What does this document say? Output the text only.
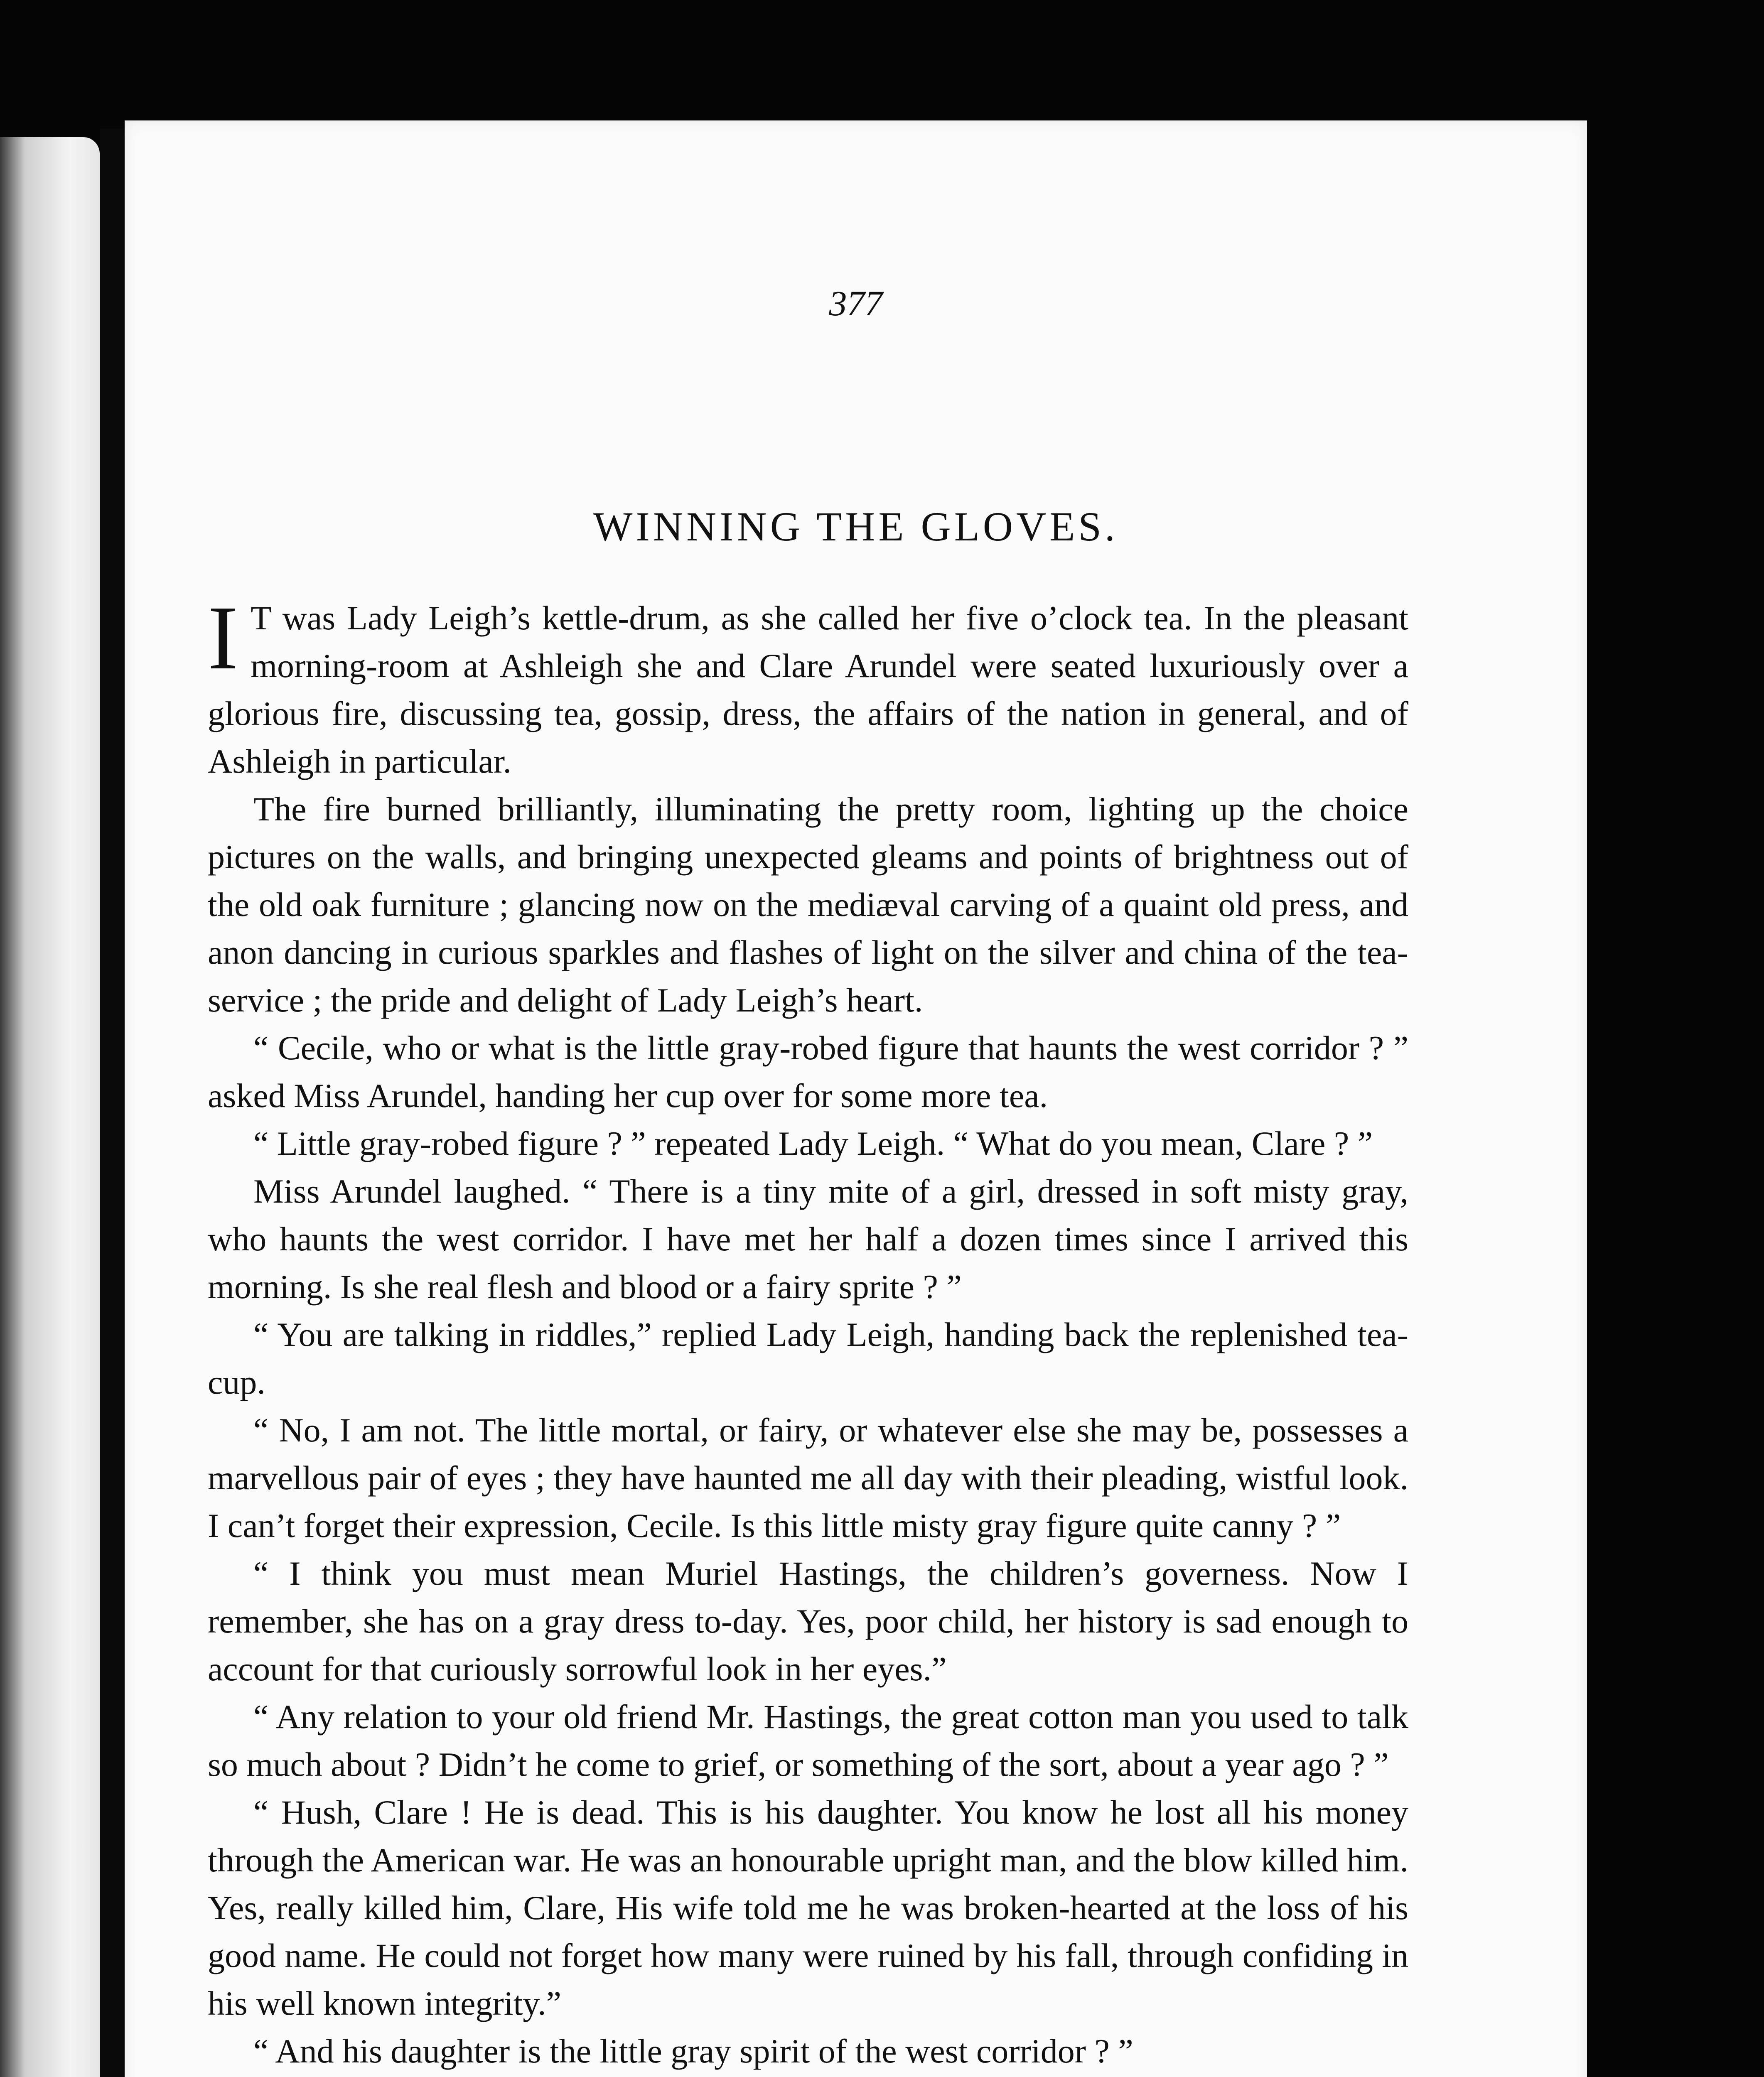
377
WINNING THE GLOVES.

I T was Lady Leigh’s kettle-drum, as she called her five o’clock tea. In the pleasant morning-room at Ashleigh she and Clare Arundel were seated luxuriously over a glorious fire, discussing tea, gossip, dress, the affairs of the nation in general, and of Ashleigh in particular.

The fire burned brilliantly, illuminating the pretty room, lighting up the choice pictures on the walls, and bringing unexpected gleams and points of brightness out of the old oak furniture ; glancing now on the mediæval carving of a quaint old press, and anon dancing in curious sparkles and flashes of light on the silver and china of the tea-service ; the pride and delight of Lady Leigh’s heart.

“ Cecile, who or what is the little gray-robed figure that haunts the west corridor ? ” asked Miss Arundel, handing her cup over for some more tea.

“ Little gray-robed figure ? ” repeated Lady Leigh. “ What do you mean, Clare ? ”

Miss Arundel laughed. “ There is a tiny mite of a girl, dressed in soft misty gray, who haunts the west corridor. I have met her half a dozen times since I arrived this morning. Is she real flesh and blood or a fairy sprite ? ”

“ You are talking in riddles,” replied Lady Leigh, handing back the replenished tea-cup.

“ No, I am not. The little mortal, or fairy, or whatever else she may be, possesses a marvellous pair of eyes ; they have haunted me all day with their pleading, wistful look. I can’t forget their expression, Cecile. Is this little misty gray figure quite canny ? ”

“ I think you must mean Muriel Hastings, the children’s governess. Now I remember, she has on a gray dress to-day. Yes, poor child, her history is sad enough to account for that curiously sorrowful look in her eyes.”

“ Any relation to your old friend Mr. Hastings, the great cotton man you used to talk so much about ? Didn’t he come to grief, or something of the sort, about a year ago ? ”

“ Hush, Clare ! He is dead. This is his daughter. You know he lost all his money through the American war. He was an honourable upright man, and the blow killed him. Yes, really killed him, Clare, His wife told me he was broken-hearted at the loss of his good name. He could not forget how many were ruined by his fall, through confiding in his well known integrity.”

“ And his daughter is the little gray spirit of the west corridor ? ”
